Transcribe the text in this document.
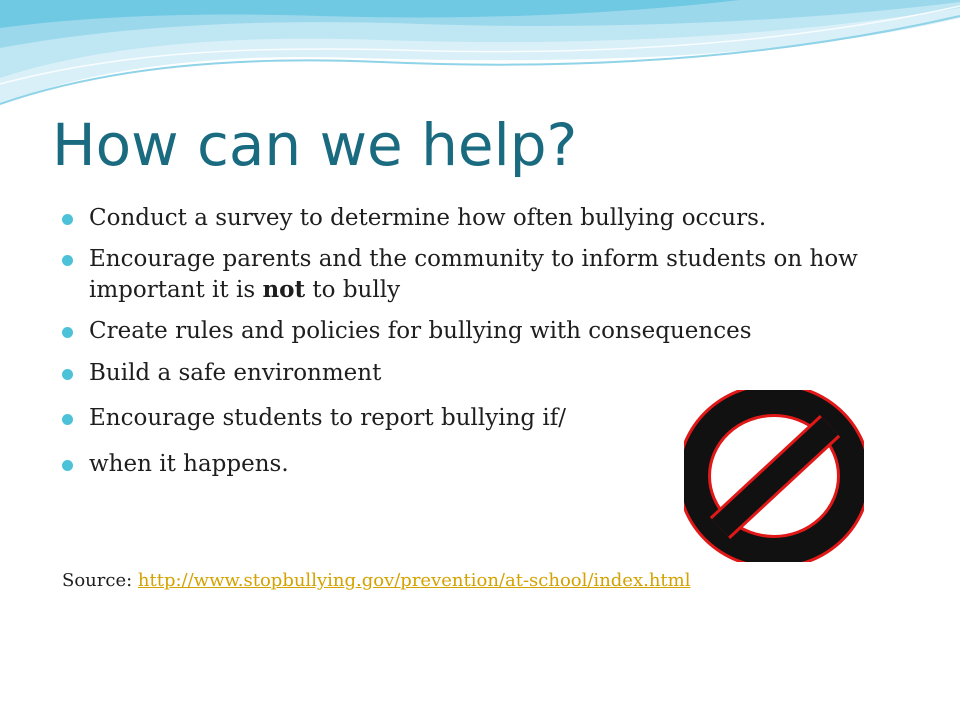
How can we help?
Conduct a survey to determine how often bullying occurs.
Encourage parents and the community to inform students on how important it is not to bully
Create rules and policies for bullying with consequences
Build a safe environment
Encourage students to report bullying if/
when it happens.
Source: http://www.stopbullying.gov/prevention/at-school/index.html
